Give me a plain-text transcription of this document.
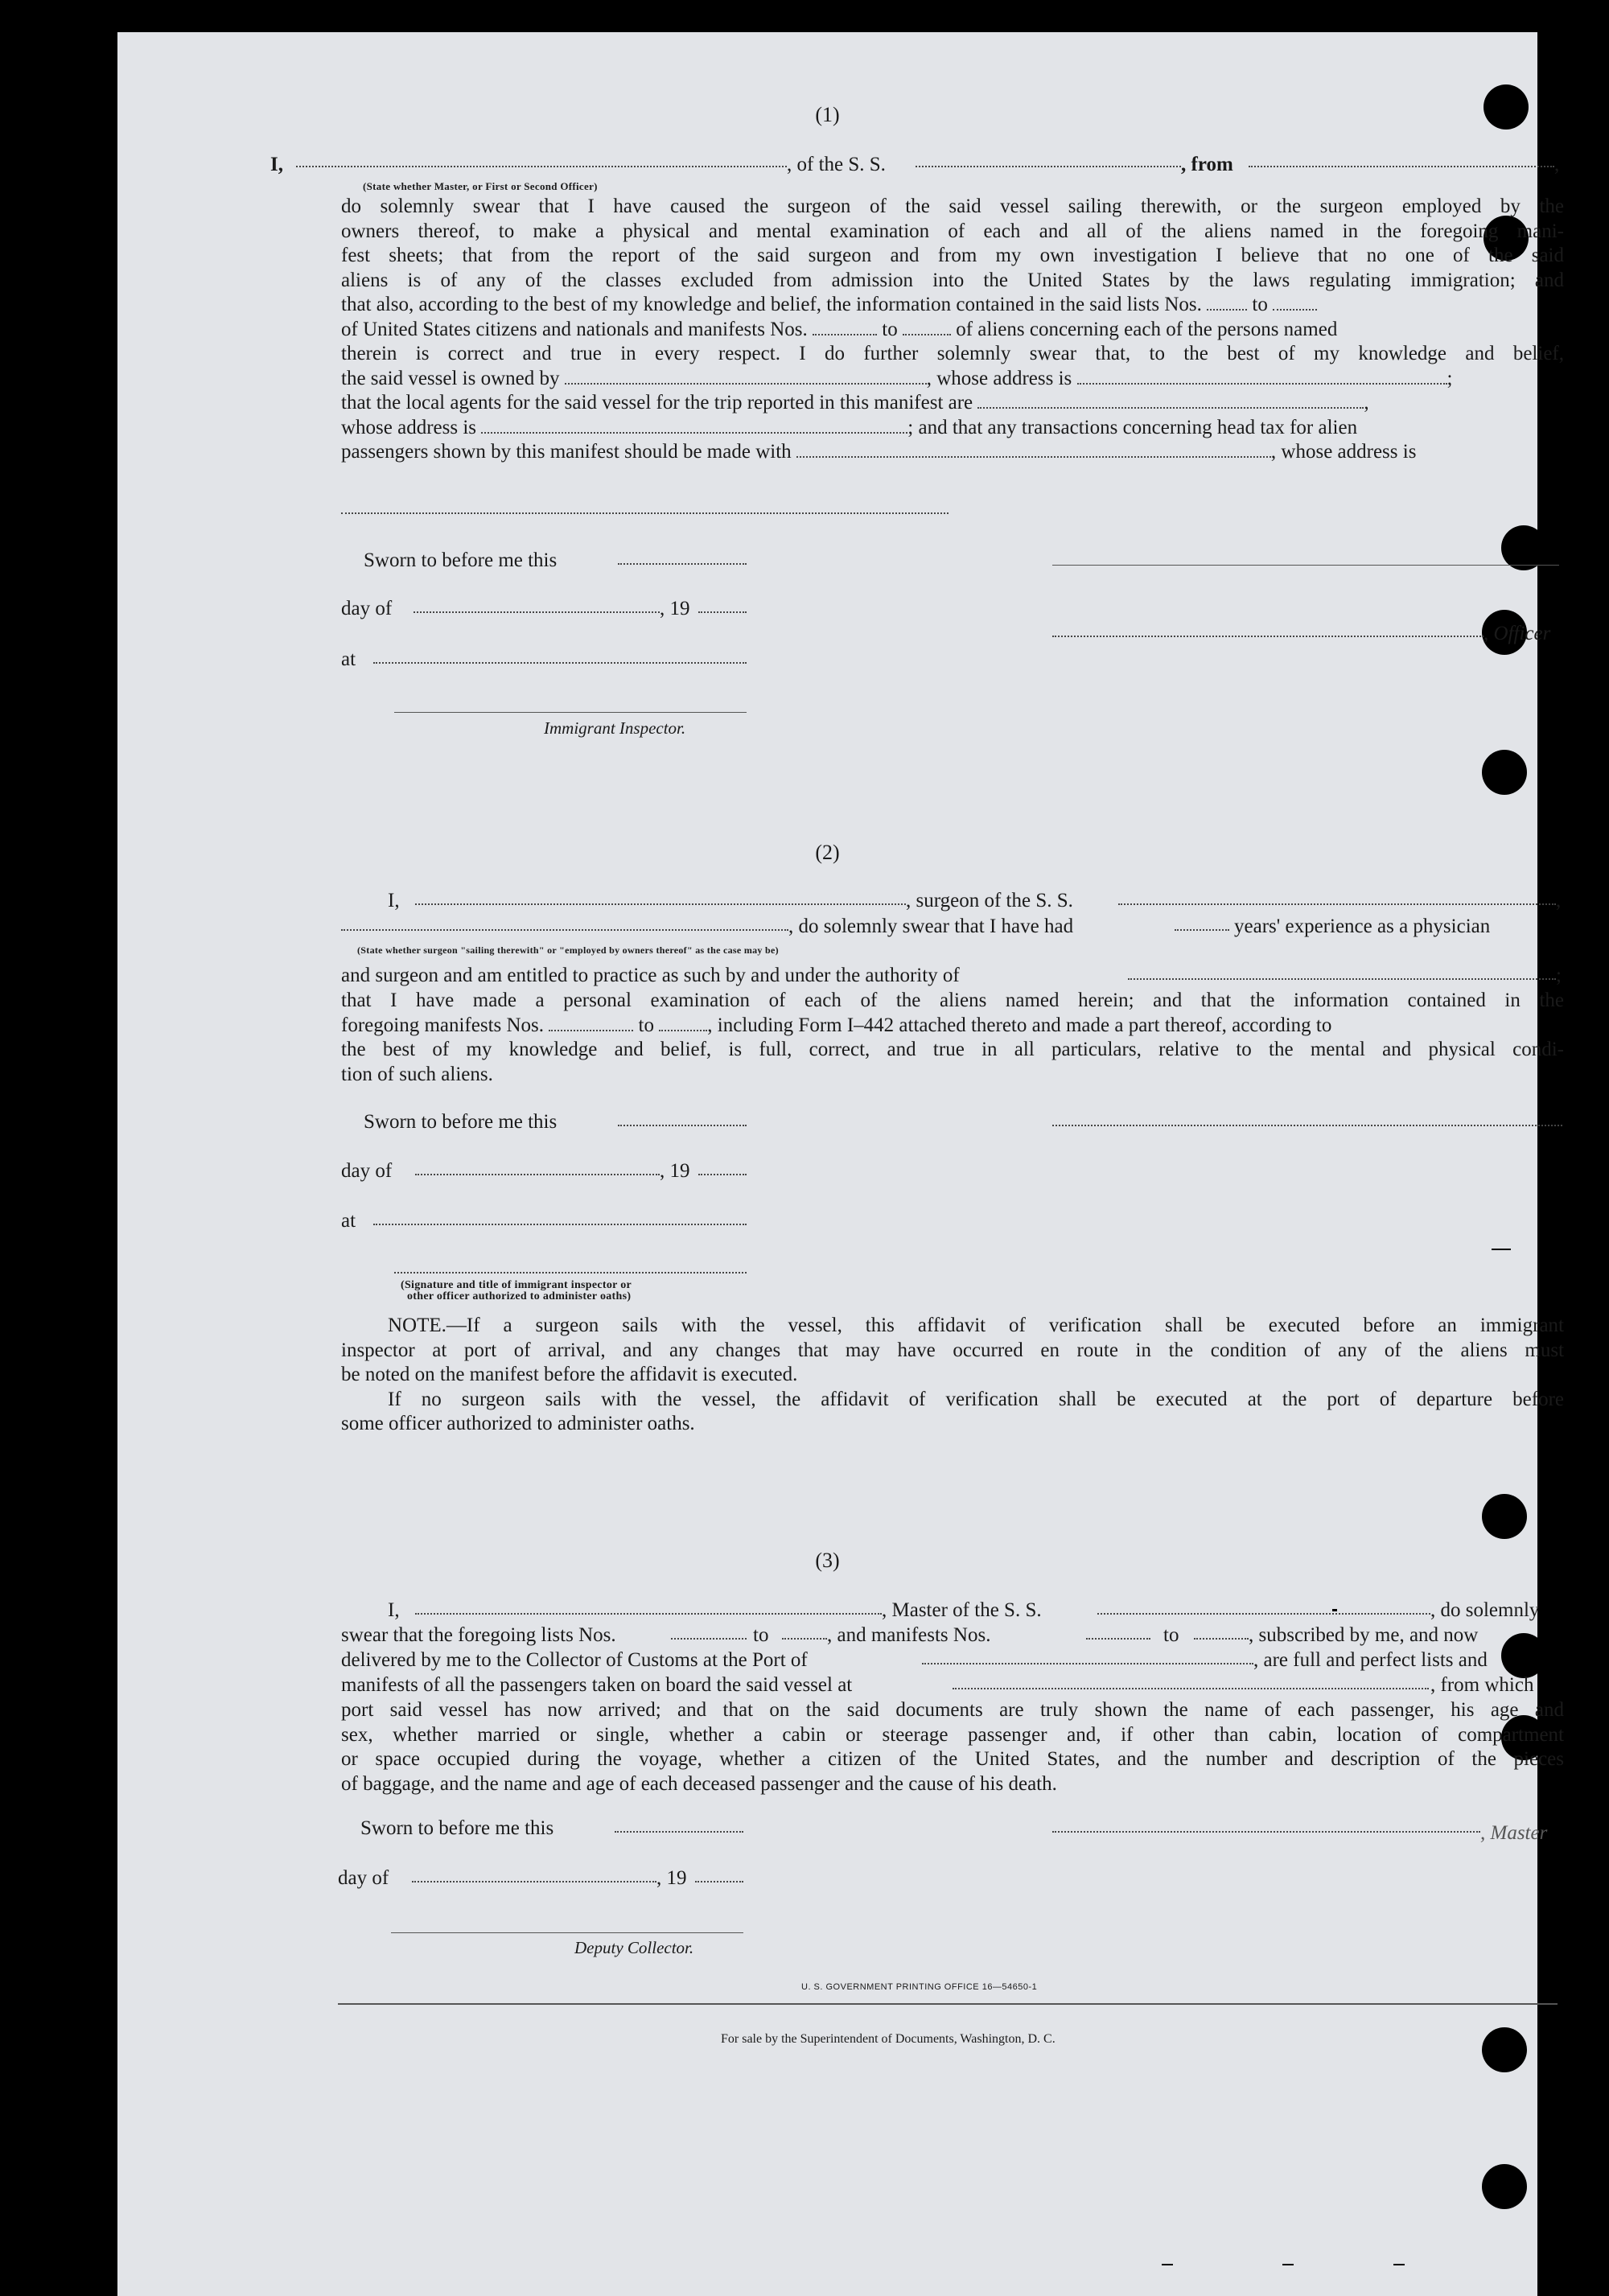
(1)
I,	, of the S. S.	, from	,
(State whether Master, or First or Second Officer)
do solemnly swear that I have caused the surgeon of the said vessel sailing therewith, or the surgeon employed by the
owners thereof, to make a physical and mental examination of each and all of the aliens named in the foregoing mani-
fest sheets; that from the report of the said surgeon and from my own investigation I believe that no one of the said
aliens is of any of the classes excluded from admission into the United States by the laws regulating immigration; and
that also, according to the best of my knowledge and belief, the information contained in the said lists Nos.	to
of United States citizens and nationals and manifests Nos.	to	of aliens concerning each of the persons named
therein is correct and true in every respect. I do further solemnly swear that, to the best of my knowledge and belief,
the said vessel is owned by	, whose address is	;
that the local agents for the said vessel for the trip reported in this manifest are	,
whose address is	; and that any transactions concerning head tax for alien
passengers shown by this manifest should be made with	, whose address is
Sworn to before me this
day of	, 19
, Officer
at
Immigrant Inspector.
(2)
I,	, surgeon of the S. S.	,
, do solemnly swear that I have had	years' experience as a physician
(State whether surgeon "sailing therewith" or "employed by owners thereof" as the case may be)
and surgeon and am entitled to practice as such by and under the authority of	;
that I have made a personal examination of each of the aliens named herein; and that the information contained in the
foregoing manifests Nos.	to	, including Form I–442 attached thereto and made a part thereof, according to
the best of my knowledge and belief, is full, correct, and true in all particulars, relative to the mental and physical condi-
tion of such aliens.
Sworn to before me this
day of	, 19
at
(Signature and title of immigrant inspector or
other officer authorized to administer oaths)
NOTE.—If a surgeon sails with the vessel, this affidavit of verification shall be executed before an immigrant
inspector at port of arrival, and any changes that may have occurred en route in the condition of any of the aliens must
be noted on the manifest before the affidavit is executed.
If no surgeon sails with the vessel, the affidavit of verification shall be executed at the port of departure before
some officer authorized to administer oaths.
(3)
I,	, Master of the S. S.	, do solemnly
swear that the foregoing lists Nos.	to	, and manifests Nos.	to	, subscribed by me, and now
delivered by me to the Collector of Customs at the Port of	, are full and perfect lists and
manifests of all the passengers taken on board the said vessel at	, from which
port said vessel has now arrived; and that on the said documents are truly shown the name of each passenger, his age and
sex, whether married or single, whether a cabin or steerage passenger and, if other than cabin, location of compartment
or space occupied during the voyage, whether a citizen of the United States, and the number and description of the pieces
of baggage, and the name and age of each deceased passenger and the cause of his death.
Sworn to before me this	, Master
day of	, 19
Deputy Collector.
U. S. GOVERNMENT PRINTING OFFICE 16—54650-1
For sale by the Superintendent of Documents, Washington, D. C.
